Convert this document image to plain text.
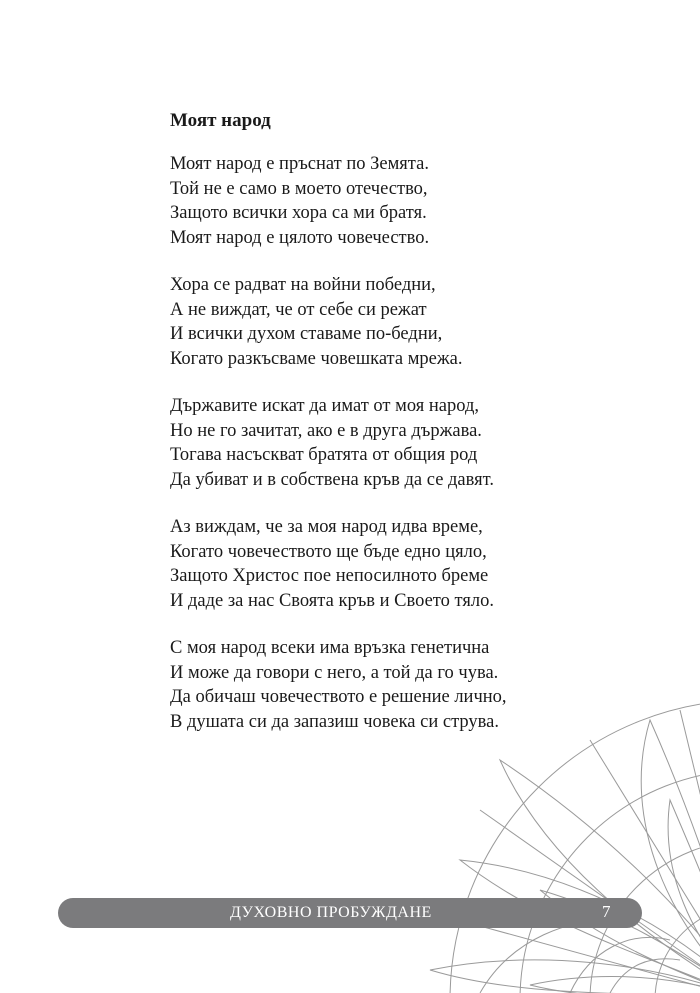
Моят народ
Моят народ е пръснат по Земята.
Той не е само в моето отечество,
Защото всички хора са ми братя.
Моят народ е цялото човечество.
Хора се радват на войни победни,
А не виждат, че от себе си режат
И всички духом ставаме по-бедни,
Когато разкъсваме човешката мрежа.
Държавите искат да имат от моя народ,
Но не го зачитат, ако е в друга държава.
Тогава насъскват братята от общия род
Да убиват и в собствена кръв да се давят.
Аз виждам, че за моя народ идва време,
Когато човечеството ще бъде едно цяло,
Защото Христос пое непосилното бреме
И даде за нас Своята кръв и Своето тяло.
С моя народ всеки има връзка генетична
И може да говори с него, а той да го чува.
Да обичаш човечеството е решение лично,
В душата си да запазиш човека си струва.
ДУХОВНО ПРОБУЖДАНЕ	7
